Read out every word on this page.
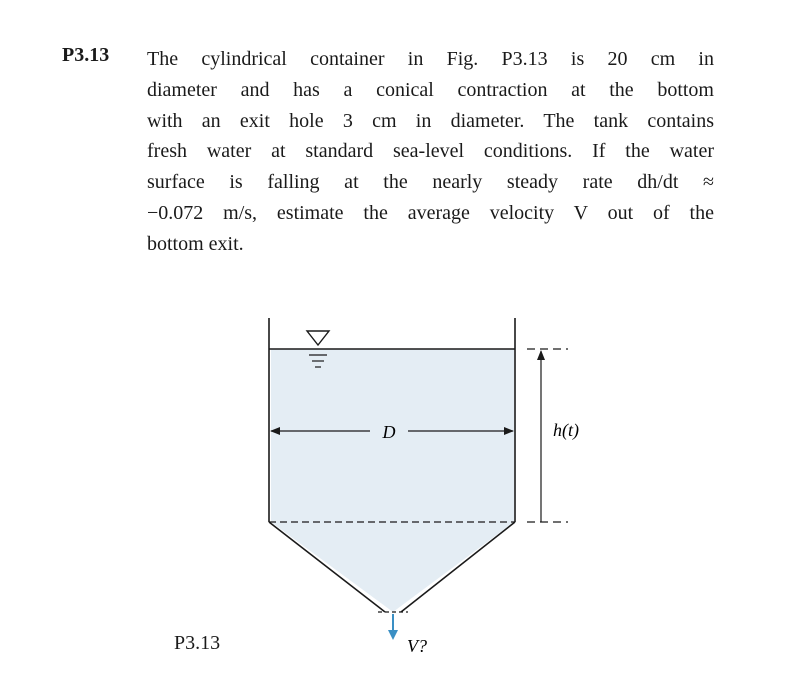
P3.13 The cylindrical container in Fig. P3.13 is 20 cm in
diameter and has a conical contraction at the bottom
with an exit hole 3 cm in diameter. The tank contains
fresh water at standard sea-level conditions. If the water
surface is falling at the nearly steady rate dh/dt ≈
−0.072 m/s, estimate the average velocity V out of the
bottom exit.
D	h(t)
V?
P3.13
